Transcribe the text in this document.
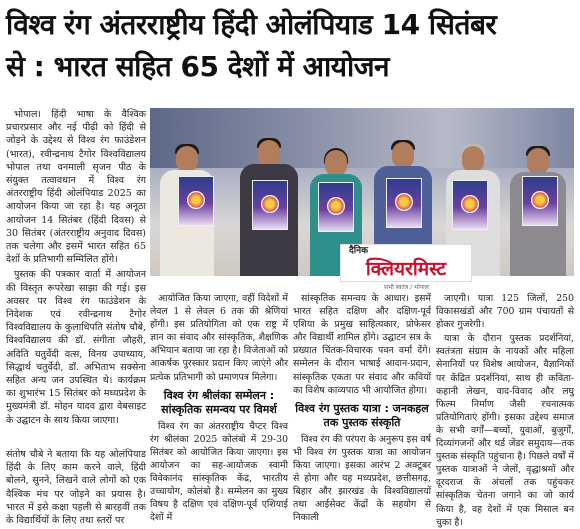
विश्व रंग अंतरराष्ट्रीय हिंदी ओलंपियाड 14 सितंबर
से : भारत सहित 65 देशों में आयोजन

भोपाल। हिंदी भाषा के वैश्विक प्रचारप्रसार और नई पीढ़ी को हिंदी से जोड़ने के उद्देश्य से विश्व रंग फाउंडेशन (भारत), रवीन्द्रनाथ टैगोर विश्वविद्यालय भोपाल तथा वनमाली सृजन पीठ के संयुक्त तत्वावधान में विश्व रंग अंतरराष्ट्रीय हिंदी ओलंपियाड 2025 का आयोजन किया जा रहा है। यह अनूठा आयोजन 14 सितंबर (हिंदी दिवस) से 30 सितंबर (अंतरराष्ट्रीय अनुवाद दिवस) तक चलेगा और इसमें भारत सहित 65 देशों के प्रतिभागी सम्मिलित होंगे।

पुस्तक की पत्रकार वार्ता में आयोजन की विस्तृत रूपरेखा साझा की गई। इस अवसर पर विश्व रंग फाउंडेशन के निदेशक एवं रवीन्द्रनाथ टैगोर विश्वविद्यालय के कुलाधिपति संतोष चौबे, विश्वविद्यालय की डॉ. संगीता जौहरी, अदिति चतुर्वेदी वत्स, विनय उपाध्याय, सिद्धार्थ चतुर्वेदी, डॉ. अभिताभ सक्सेना सहित अन्य जन उपस्थित थे। कार्यक्रम का शुभारंभ 15 सितंबर को मध्यप्रदेश के मुख्यमंत्री डॉ. मोहन यादव द्वारा वेबसाइट के उद्घाटन के साथ किया जाएगा।

संतोष चौबे ने बताया कि यह ओलंपियाड हिंदी के लिए काम करने वाले, हिंदी बोलने, सुनने, लिखने वाले लोगों को एक वैश्विक मंच पर जोड़ने का प्रयास है। भारत में इसे कक्षा पहली से बारहवीं तक के विद्यार्थियों के लिए तथा स्तरों पर

दैनिक
क्लियरमिस्ट
सभी स्वतंत्र / भोपाल

आयोजित किया जाएगा, वहीं विदेशों में लेवल 1 से लेवल 6 तक की श्रेणियां होंगी। इस प्रतियोगिता को एक राष्ट्र में ज्ञान का संवाद और सांस्कृतिक, शैक्षणिक अभियान बताया जा रहा है। विजेताओं को आकर्षक पुरस्कार प्रदान किए जाएंगे और प्रत्येक प्रतिभागी को प्रमाणपत्र मिलेगा।

विश्व रंग श्रीलंका सम्मेलन : सांस्कृतिक समन्वय पर विमर्श

विश्व रंग का अंतरराष्ट्रीय चैप्टर विश्व रंग श्रीलंका 2025 कोलंबो में 29-30 सितंबर को आयोजित किया जाएगा। इस आयोजन का सह-आयोजक स्वामी विवेकानंद सांस्कृतिक केंद्र, भारतीय उच्चायोग, कोलंबो है। सम्मेलन का मुख्य विषय है दक्षिण एवं दक्षिण-पूर्व एशियाई देशों में

सांस्कृतिक समन्वय के आधार। इसमें भारत सहित दक्षिण और दक्षिण-पूर्व एशिया के प्रमुख साहित्यकार, प्रोफेसर और विद्यार्थी शामिल होंगे। उद्घाटन सत्र के प्रख्यात चिंतक-विचारक पवन वर्मा देंगे। सम्मेलन के दौरान भाषाई आदान-प्रदान, सांस्कृतिक एकता पर संवाद और कवियों का विशेष काव्यपाठ भी आयोजित होगा।

विश्व रंग पुस्तक यात्रा : जनकहल तक पुस्तक संस्कृति

विश्व रंग की परंपरा के अनुरूप इस वर्ष भी विश्व रंग पुस्तक यात्रा का आयोजन किया जाएगा। इसका आरंभ 2 अक्टूबर से होगा और यह मध्यप्रदेश, छत्तीसगढ़, बिहार और झारखंड के विश्वविद्यालयों तथा आईसेक्ट केंद्रों के सहयोग से निकाली

जाएगी। यात्रा 125 जिलों, 250 विकासखंडों और 700 ग्राम पंचायतों से होकर गुजरेगी।

यात्रा के दौरान पुस्तक प्रदर्शनियां, स्वतंत्रता संग्राम के नायकों और महिला सेनानियों पर विशेष आयोजन, वैज्ञानिकों पर केंद्रित प्रदर्शनियां, साथ ही कविता-कहानी लेखन, वाद-विवाद और लघु फिल्म निर्माण जैसी रचनात्मक प्रतियोगिताएं होंगी। इसका उद्देश्य समाज के सभी वर्गों—बच्चों, युवाओं, बुजुर्गों, दिव्यांगजनों और थर्ड जेंडर समुदाय—तक पुस्तक संस्कृति पहुंचाना है। पिछले वर्षों में पुस्तक यात्राओं ने जेलों, वृद्धाश्रमों और दूरदराज के अंचलों तक पहुंचकर सांस्कृतिक चेतना जगाने का जो कार्य किया है, वह देशों में एक मिसाल बन चुका है।
